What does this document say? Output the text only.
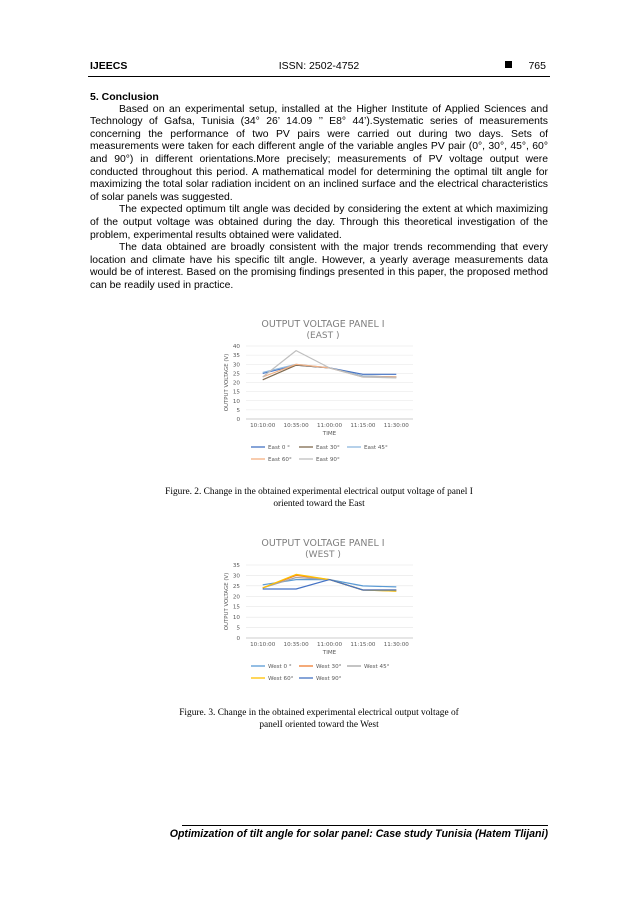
IJEECS	ISSN: 2502-4752	765
5. Conclusion

Based on an experimental setup, installed at the Higher Institute of Applied Sciences and Technology of Gafsa, Tunisia (34° 26’ 14.09 ’’ E8° 44’).Systematic series of measurements concerning the performance of two PV pairs were carried out during two days. Sets of measurements were taken for each different angle of the variable angles PV pair (0°, 30°, 45°, 60° and 90°) in different orientations.More precisely; measurements of PV voltage output were conducted throughout this period. A mathematical model for determining the optimal tilt angle for maximizing the total solar radiation incident on an inclined surface and the electrical characteristics of solar panels was suggested.

The expected optimum tilt angle was decided by considering the extent at which maximizing of the output voltage was obtained during the day. Through this theoretical investigation of the problem, experimental results obtained were validated.

The data obtained are broadly consistent with the major trends recommending that every location and climate have his specific tilt angle. However, a yearly average measurements data would be of interest. Based on the promising findings presented in this paper, the proposed method can be readily used in practice.

OUTPUT VOLTAGE PANEL I
(EAST )
0
5
10
15
20
25
30
35
40
10:10:00 10:35:00 11:00:00 11:15:00 11:30:00
TIME
OUTPUT VOLTAGE (V)
East 0 °	East 30°	East 45°
East 60°	East 90°
Figure. 2. Change in the obtained experimental electrical output voltage of panel I
oriented toward the East
OUTPUT VOLTAGE PANEL I
(WEST )
0
5
10
15
20
25
30
35
10:10:00 10:35:00 11:00:00 11:15:00 11:30:00
TIME
OUTPUT VOLTAGE (V)
West 0 °	West 30°	West 45°
West 60°	West 90°
Figure. 3. Change in the obtained experimental electrical output voltage of
panelI oriented toward the West
Optimization of tilt angle for solar panel: Case study Tunisia (Hatem Tlijani)
